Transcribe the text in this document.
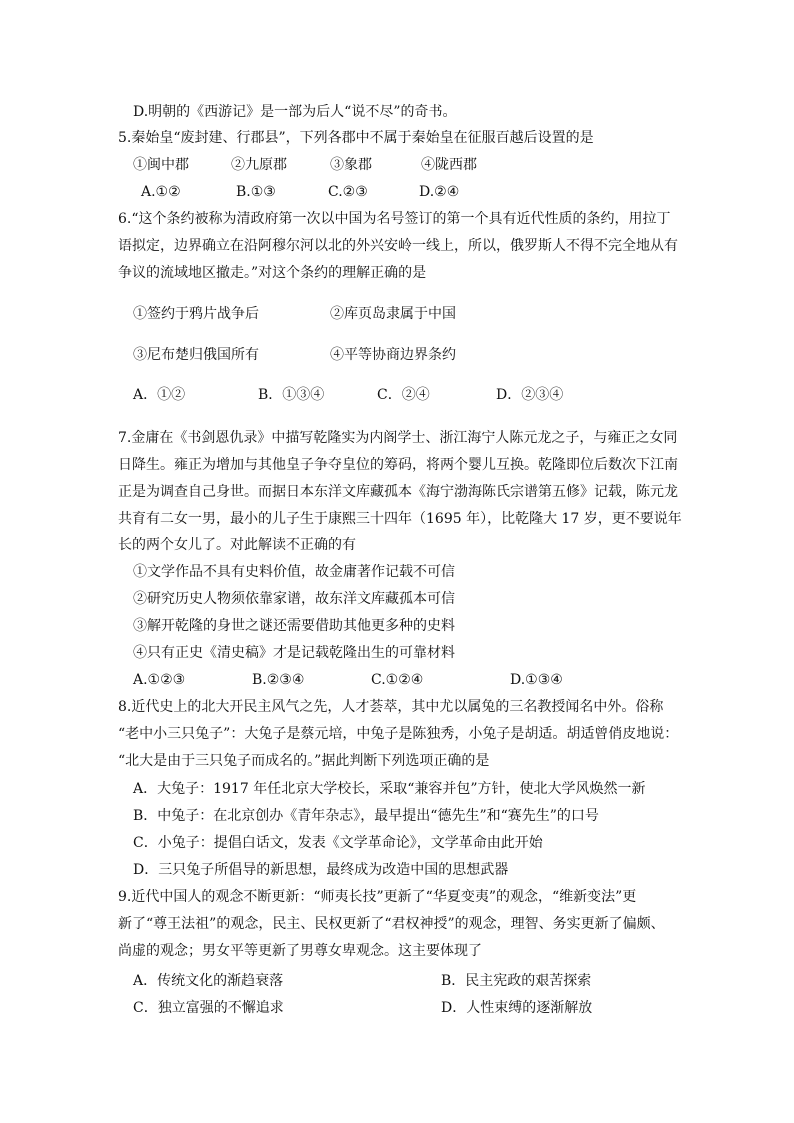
D.明朝的《西游记》是一部为后人“说不尽”的奇书。
5.秦始皇“废封建、行郡县”，下列各郡中不属于秦始皇在征服百越后设置的是
①闽中郡	②九原郡	③象郡	④陇西郡
A.①②	B.①③	C.②③	D.②④
6.“这个条约被称为清政府第一次以中国为名号签订的第一个具有近代性质的条约，用拉丁
语拟定，边界确立在沿阿穆尔河以北的外兴安岭一线上，所以，俄罗斯人不得不完全地从有
争议的流域地区撤走。”对这个条约的理解正确的是
①签约于鸦片战争后	②库页岛隶属于中国
③尼布楚归俄国所有	④平等协商边界条约
A．①②	B．①③④	C．②④	D．②③④
7.金庸在《书剑恩仇录》中描写乾隆实为内阁学士、浙江海宁人陈元龙之子，与雍正之女同
日降生。雍正为增加与其他皇子争夺皇位的筹码，将两个婴儿互换。乾隆即位后数次下江南
正是为调查自己身世。而据日本东洋文库藏孤本《海宁渤海陈氏宗谱第五修》记载，陈元龙
共育有二女一男，最小的儿子生于康熙三十四年（1695 年），比乾隆大 17 岁，更不要说年
长的两个女儿了。对此解读不正确的有
①文学作品不具有史料价值，故金庸著作记载不可信
②研究历史人物须依靠家谱，故东洋文库藏孤本可信
③解开乾隆的身世之谜还需要借助其他更多种的史料
④只有正史《清史稿》才是记载乾隆出生的可靠材料
A.①②③	B.②③④	C.①②④	D.①③④
8.近代史上的北大开民主风气之先，人才荟萃，其中尤以属兔的三名教授闻名中外。俗称
“老中小三只兔子”：大兔子是蔡元培，中兔子是陈独秀，小兔子是胡适。胡适曾俏皮地说：
“北大是由于三只兔子而成名的。”据此判断下列选项正确的是
A．大兔子：1917 年任北京大学校长，采取“兼容并包”方针，使北大学风焕然一新
B．中兔子：在北京创办《青年杂志》，最早提出“德先生”和“赛先生”的口号
C．小兔子：提倡白话文，发表《文学革命论》，文学革命由此开始
D．三只兔子所倡导的新思想，最终成为改造中国的思想武器
9.近代中国人的观念不断更新：“师夷长技”更新了“华夏变夷”的观念，“维新变法”更
新了“尊王法祖”的观念，民主、民权更新了“君权神授”的观念，理智、务实更新了偏颇、
尚虚的观念；男女平等更新了男尊女卑观念。这主要体现了
A．传统文化的渐趋衰落	B．民主宪政的艰苦探索
C．独立富强的不懈追求	D．人性束缚的逐渐解放
